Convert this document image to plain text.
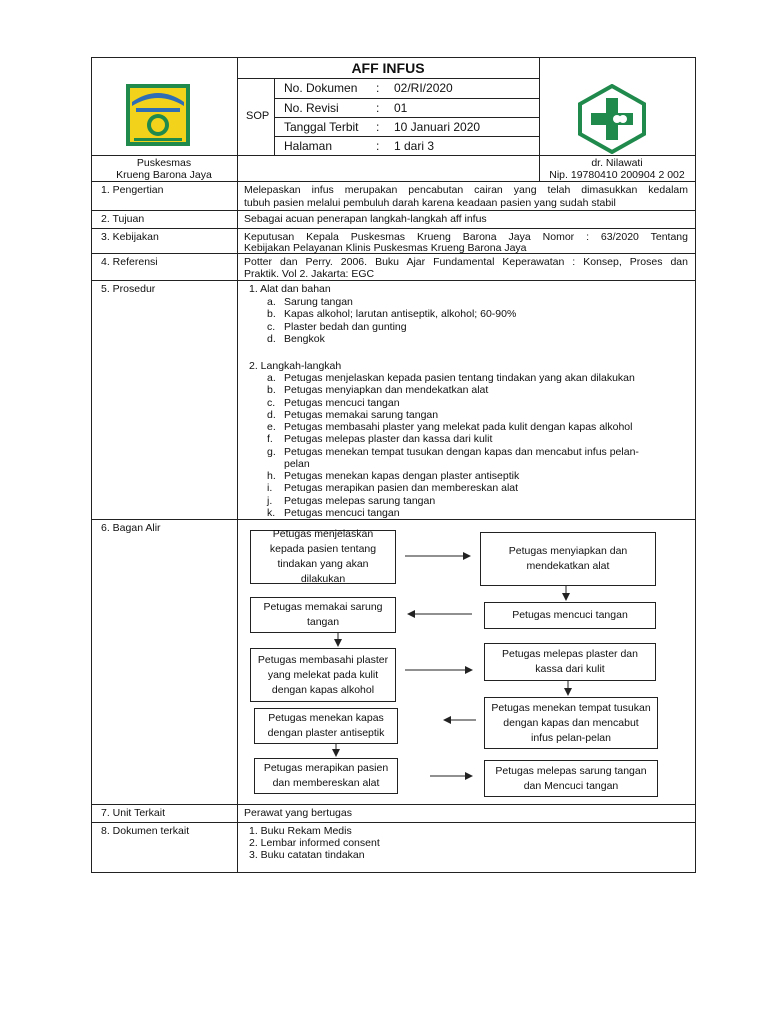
AFF INFUS
SOP
No. Dokumen : 02/RI/2020
No. Revisi	: 01
Tanggal Terbit : 10 Januari 2020
Halaman	: 1 dari 3
Puskesmas
Krueng Barona Jaya
dr. Nilawati
Nip. 19780410 200904 2 002
1. Pengertian	Melepaskan infus merupakan pencabutan cairan yang telah dimasukkan kedalam
tubuh pasien melalui pembuluh darah karena keadaan pasien yang sudah stabil
2. Tujuan	Sebagai acuan penerapan langkah-langkah aff infus
3. Kebijakan	Keputusan Kepala Puskesmas Krueng Barona Jaya Nomor : 63/2020 Tentang
Kebijakan Pelayanan Klinis Puskesmas Krueng Barona Jaya
4. Referensi	Potter dan Perry. 2006. Buku Ajar Fundamental Keperawatan : Konsep, Proses dan
Praktik. Vol 2. Jakarta: EGC
5. Prosedur	1. Alat dan bahan
a. Sarung tangan
b. Kapas alkohol; larutan antiseptik, alkohol; 60-90%
c. Plaster bedah dan gunting
d. Bengkok
2. Langkah-langkah
a. Petugas menjelaskan kepada pasien tentang tindakan yang akan dilakukan
b. Petugas menyiapkan dan mendekatkan alat
c. Petugas mencuci tangan
d. Petugas memakai sarung tangan
e. Petugas membasahi plaster yang melekat pada kulit dengan kapas alkohol
f. Petugas melepas plaster dan kassa dari kulit
g. Petugas menekan tempat tusukan dengan kapas dan mencabut infus pelan-
pelan
h. Petugas menekan kapas dengan plaster antiseptik
i. Petugas merapikan pasien dan membereskan alat
j. Petugas melepas sarung tangan
k. Petugas mencuci tangan
6. Bagan Alir	Petugas menjelaskan kepada pasien tentang tindakan yang akan dilakukan
Petugas menyiapkan dan mendekatkan alat
Petugas mencuci tangan
Petugas memakai sarung tangan
Petugas membasahi plaster yang melekat pada kulit dengan kapas alkohol
Petugas melepas plaster dan kassa dari kulit
Petugas menekan tempat tusukan dengan kapas dan mencabut infus pelan-pelan
Petugas menekan kapas dengan plaster antiseptik
Petugas merapikan pasien dan membereskan alat
Petugas melepas sarung tangan dan Mencuci tangan
7. Unit Terkait	Perawat yang bertugas
8. Dokumen terkait	1. Buku Rekam Medis
2. Lembar informed consent
3. Buku catatan tindakan
